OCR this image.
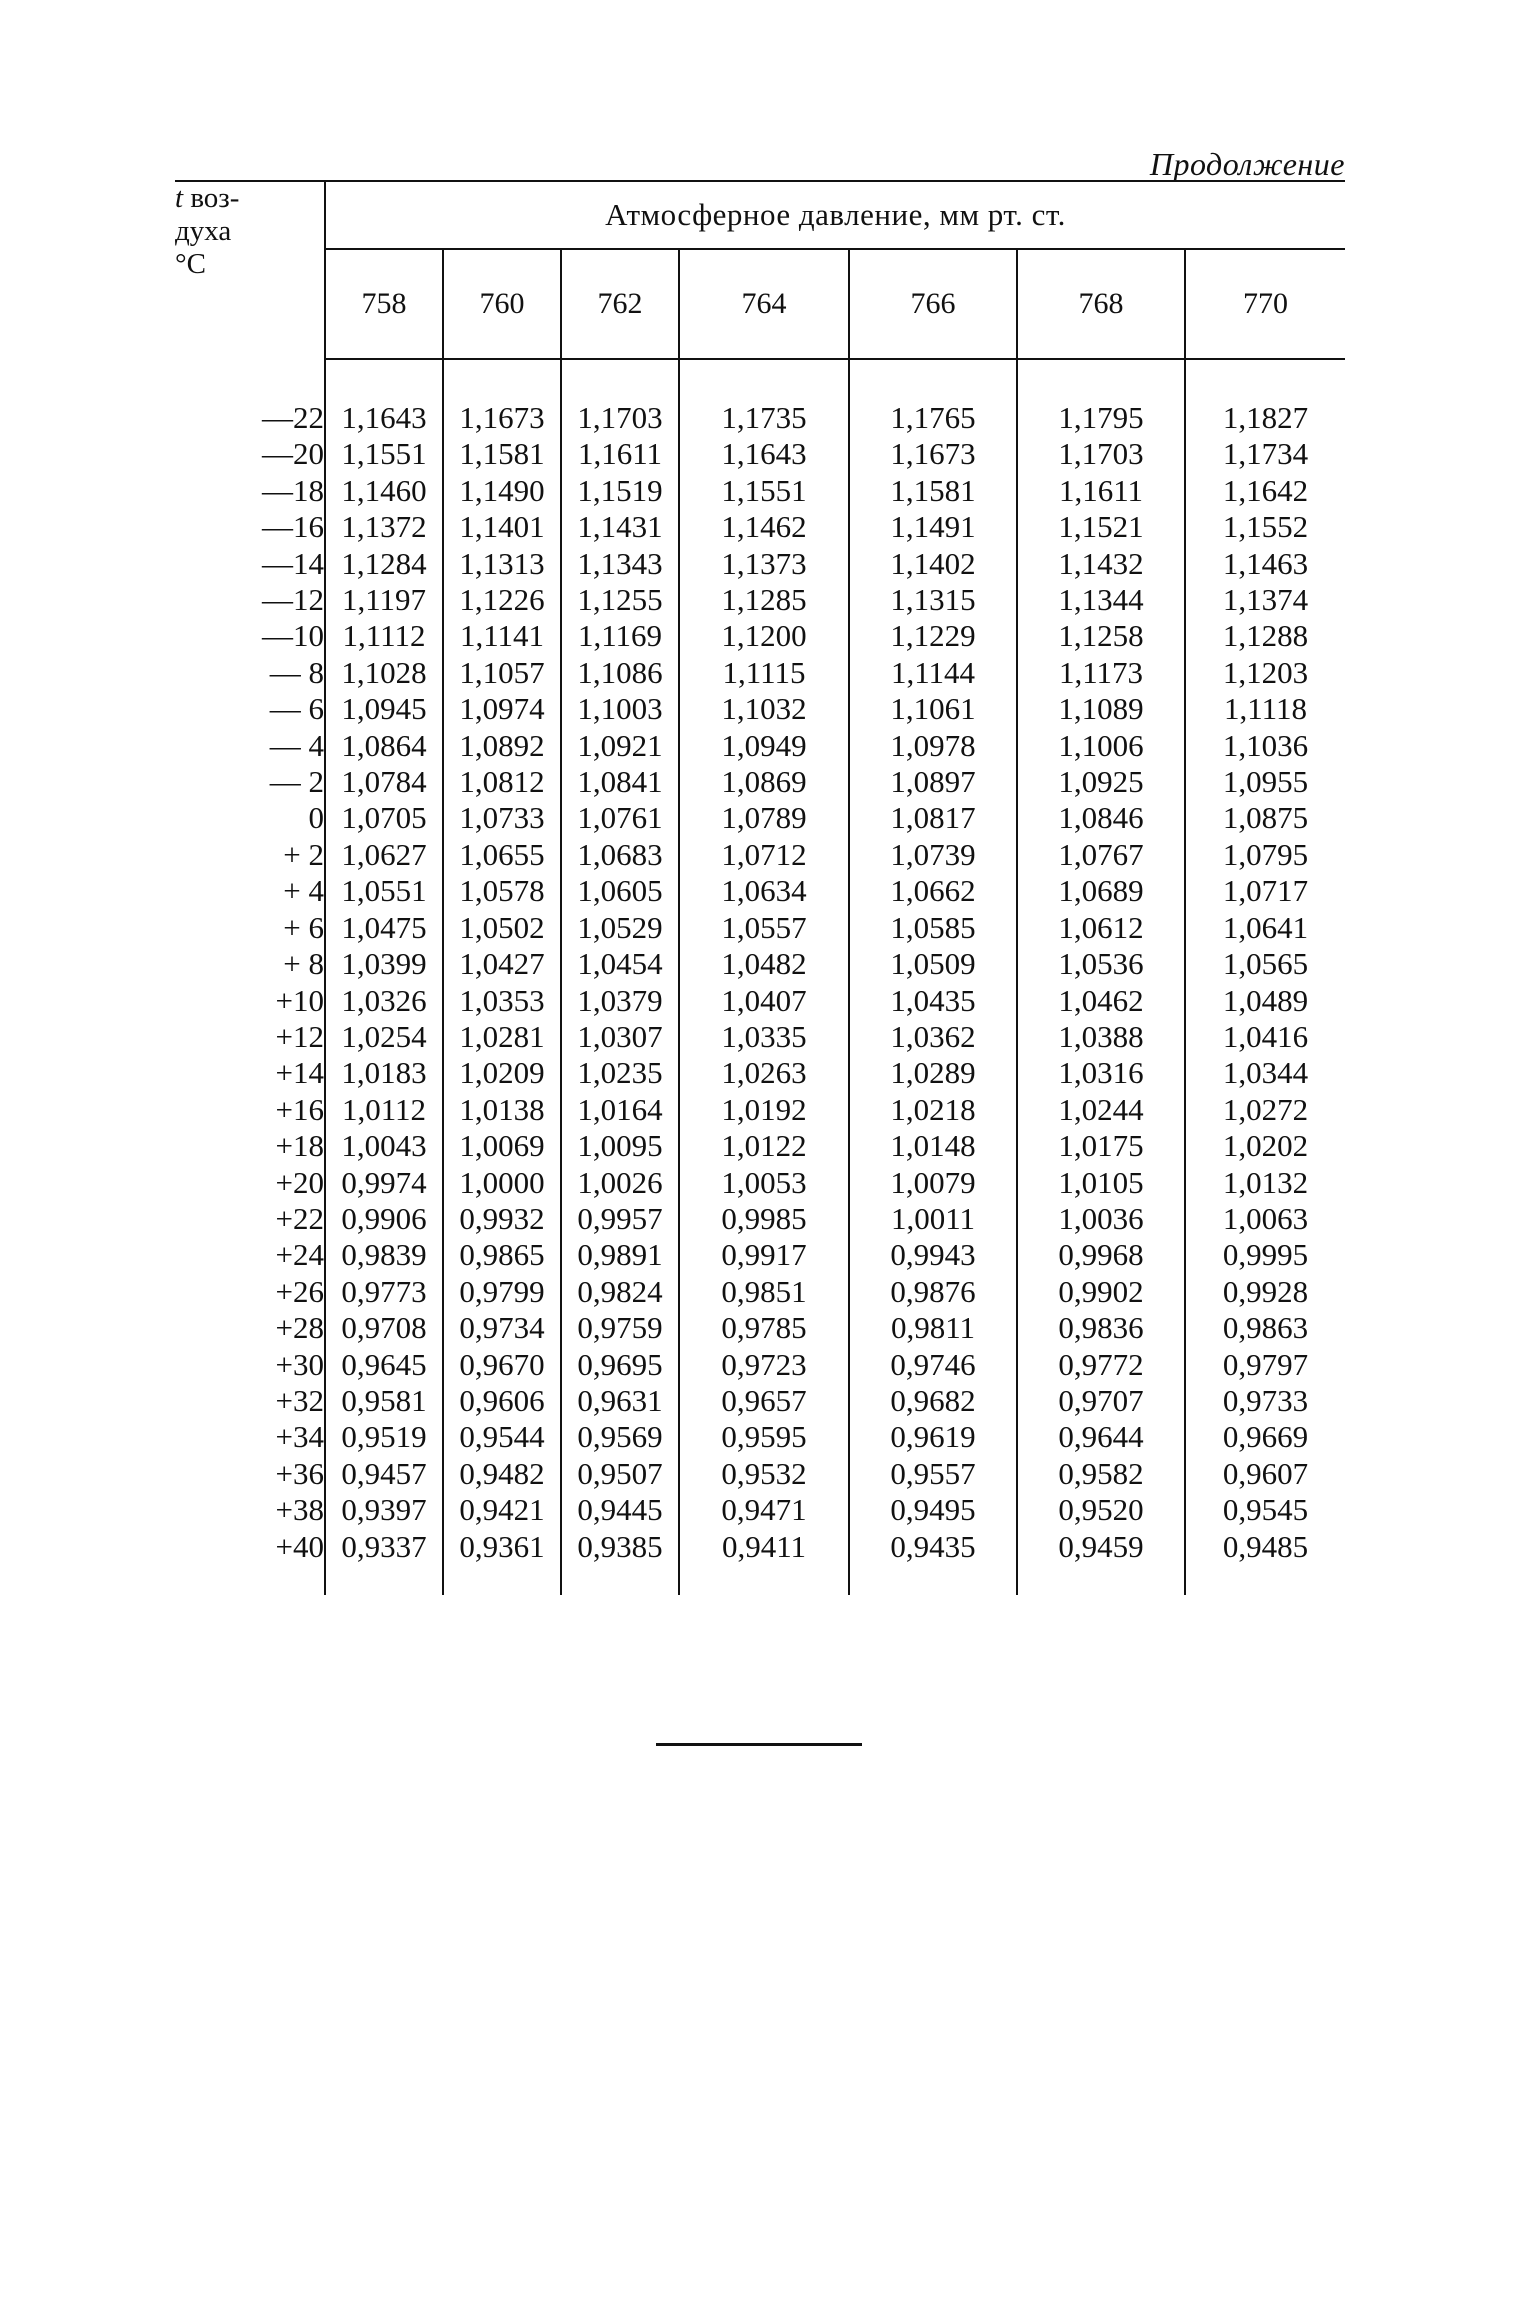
Продолжение
t воз-
духа
°C	Атмосферное давление, мм рт. ст.						
	758	760	762	764	766	768	770

—22	1,1643	1,1673	1,1703	1,1735	1,1765	1,1795	1,1827
—20	1,1551	1,1581	1,1611	1,1643	1,1673	1,1703	1,1734
—18	1,1460	1,1490	1,1519	1,1551	1,1581	1,1611	1,1642
—16	1,1372	1,1401	1,1431	1,1462	1,1491	1,1521	1,1552
—14	1,1284	1,1313	1,1343	1,1373	1,1402	1,1432	1,1463
—12	1,1197	1,1226	1,1255	1,1285	1,1315	1,1344	1,1374
—10	1,1112	1,1141	1,1169	1,1200	1,1229	1,1258	1,1288
— 8	1,1028	1,1057	1,1086	1,1115	1,1144	1,1173	1,1203
— 6	1,0945	1,0974	1,1003	1,1032	1,1061	1,1089	1,1118
— 4	1,0864	1,0892	1,0921	1,0949	1,0978	1,1006	1,1036
— 2	1,0784	1,0812	1,0841	1,0869	1,0897	1,0925	1,0955
0	1,0705	1,0733	1,0761	1,0789	1,0817	1,0846	1,0875
+ 2	1,0627	1,0655	1,0683	1,0712	1,0739	1,0767	1,0795
+ 4	1,0551	1,0578	1,0605	1,0634	1,0662	1,0689	1,0717
+ 6	1,0475	1,0502	1,0529	1,0557	1,0585	1,0612	1,0641
+ 8	1,0399	1,0427	1,0454	1,0482	1,0509	1,0536	1,0565
+10	1,0326	1,0353	1,0379	1,0407	1,0435	1,0462	1,0489
+12	1,0254	1,0281	1,0307	1,0335	1,0362	1,0388	1,0416
+14	1,0183	1,0209	1,0235	1,0263	1,0289	1,0316	1,0344
+16	1,0112	1,0138	1,0164	1,0192	1,0218	1,0244	1,0272
+18	1,0043	1,0069	1,0095	1,0122	1,0148	1,0175	1,0202
+20	0,9974	1,0000	1,0026	1,0053	1,0079	1,0105	1,0132
+22	0,9906	0,9932	0,9957	0,9985	1,0011	1,0036	1,0063
+24	0,9839	0,9865	0,9891	0,9917	0,9943	0,9968	0,9995
+26	0,9773	0,9799	0,9824	0,9851	0,9876	0,9902	0,9928
+28	0,9708	0,9734	0,9759	0,9785	0,9811	0,9836	0,9863
+30	0,9645	0,9670	0,9695	0,9723	0,9746	0,9772	0,9797
+32	0,9581	0,9606	0,9631	0,9657	0,9682	0,9707	0,9733
+34	0,9519	0,9544	0,9569	0,9595	0,9619	0,9644	0,9669
+36	0,9457	0,9482	0,9507	0,9532	0,9557	0,9582	0,9607
+38	0,9397	0,9421	0,9445	0,9471	0,9495	0,9520	0,9545
+40	0,9337	0,9361	0,9385	0,9411	0,9435	0,9459	0,9485
